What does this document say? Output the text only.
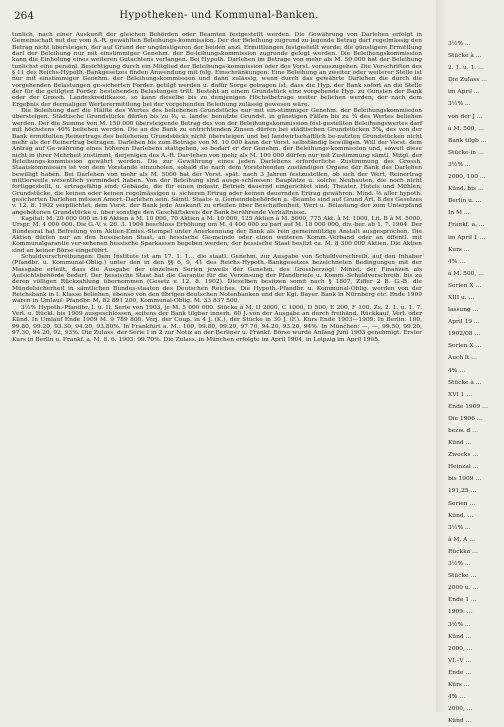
264	Hypotheken- und Kommunal-Banken.

tunlich, nach einer Auskunft der gleichen Behörden oder Beamten festgestellt werden. Die Gewährung von Darlehen erfolgt in Gemeinschaft mit der vom A.-R. gewählten Beleihungs-kommission. Der der Beleihung zugrund zu legende Betrag darf regelmässig den Betrag nicht übersteigen, der auf Grund der ungünstigeren der beiden anzl. Ermittlungen festgestellt wurde; die günstigere Ermittlung darf der Beleihung nur mit einstimmiger Genehm. der Be-leihungskommission zugrunde gelegt werden. Die Beleihungskommission kann die Einholung eines weiteren Gutachtens verlangen. Bei Hypoth. Darlehen im Betrage von mehr als M. 50 000 hat der Beleihung tunlichst eine persönl. Besichtigung durch ein Mitglied der Beleihungs-kommission oder des Vorst. vorauszugehen. Die Vorschriften des § 11 des Reichs-Hypoth.-Bankgesetzes finden Anwendung mit folg. Einschränkungen: Eine Beleihung an zweiter oder weiterer Stelle ist nur mit einstimmiger Genehm. der Beleihungskommission und dann zulässig, wenn durch das gewährte Darlehen die durch die vorgehenden Belastungen ge-sicherten Forder. getilgt werden u. dafür Sorge getragen ist, dass die Hyp. der Bank sofort an die Stelle der für die getilgten Forder. bestehenden Belastungen tritt. Besteht an einem Grundstück eine vorgehende Hyp. zu Gunsten der Bank oder der Grossh. Landeskreditkasse, so kann dieselbe bis zu demjenigen Höchstbetrage weiter beliehen werden, der nach dem Ergebnis der dermaligen Werterermittlung bei der vorgehenden Beleihung zulässig gewesen wäre.

Die Beleihung darf die Hälfte des Wertes des beliehenen Grundstücks nur mit ein-stimmiger Genehm. der Beleihungskommission übersteigen. Städtische Grundstücke dürfen bis zu ⅔, u. landw. benutzte Grundst. in günstigen Fällen bis zu ¾ des Wertes beliehen werden. Der die Summe von M. 150 000 übersteigende Betrag des von der Beleihungskommission fest-gestellten Beleihungswertes darf mit höchstens 40% beliehen werden. Die an die Bank zu entrichtenden Zinsen dürfen bei städtischen Grundstücken 5%, des von der Bank ermittelten Reinertrags des beliehenen Grundstücks nicht übersteigen und bei landwirtschaftlich be-nutzten Grundstücken nicht mehr als der Reinertrag betragen. Darlehen bis zum Betrage von M. 10 000 kann der Vorst. selbständig bewilligen. Will der Vorst. dem Antrag auf Ge-währung eines höheren Darlehens stattgeben, so bedarf er der Genehm. der Beleihungs-kommission und, soweit diese nicht in ihrer Mehrheit zustimmt, derjenigen des A.-R. Dar-lehen von mehr als M. 100 000 dürfen nur mit Zustimmung sämtl. Mitgl. der Beleihungs-kommission gewährt werden. Die zur Gewährung eines jeden Darlehens erforderliche Zustimmung des Grossh. Staatskommissars ist von dem Vorstande einzuholen, sobald die nach dem Vorstehenden zuständigen Organe der Bank das Darlehen bewilligt haben. Bei Darlehen von mehr als M. 5000 hat der Vorst. spät. nach 3 Jahren festzustellen, ob sich der Wert, Reinertrag mittlerweile wesentlich vermindert haben. Von der Beleihung sind ausge-schlossen: Bauplätze u. solche Neubauten, die noch nicht fertiggestellt, u. ertragsfähig sind; Gebäude, die für einen industr. Betrieb dauernd eingerichtet sind; Theater, Hotels und Mühlen; Grundstücke, die keinen oder keinen regelmässigen u. sicheren Ertrag oder keinen dauernden Ertrag gewähren. Mind. ⅔ aller hypoth. gesicherten Darlehen müssen Amort.-Darlehen sein. Sämtl. Staats- u. Gemeindebehörden u. -Beamte sind auf Grund Art. 8 des Gesetzes v. 12. 8. 1902 verpflichtet, dem Vorst. der Bank jede Auskunft zu erteilen über Beschaffenheit, Wert u. Belastung der zum Unterpfand angebotenen Grundstücke u. über sonstige den Geschäftskreis der Bank berührende Verhältnisse.

Kapital: M. 20 000 000 in 16 Aktien à M. 10 000, 70 Aktien à M. 10 000, 125 Aktien à M. 5000, 775 Akt. à M. 1000, Lit. B à M. 5000, Urspr. M. 4 000 000. Die G.-V. v. 26. 3. 1904 beschloss Erhöhung um M. 4 400 000 zu pari auf M. 18 000 000, div.-ber. ab 1. 7. 1904. Der Bundesrat hat Befreiung vom Aktien-Emiss.-Stempel unter Anerkennung der Bank als rein gemeinnützige Anstalt ausgesprochen. Die Aktien dürfen nur an den hessischen Staat, an hessische Ge-meinde oder einen weiteren Komm.-Verband oder an öffentl. mit Kommunalgarantie ver-sehenen hessische Sparkassen begeben werden; der hessische Staat besitzt ca. M. 8 300 000 Aktien. Die Aktien sind an keiner Börse eingeführt.

Schuldverschreibungen: Dem Institute ist am 17. 1. 1… die staatl. Genehm. zur Ausgabe von Schuldverschreib. auf den Inhaber (Pfandbr. u. Kommunal-Oblig.) unter den in den §§ 6, 9, 41 des Reichs-Hypoth.-Bankgesetzes bezeichneten Bedingungen mit der Massgabe erteilt, dass die Ausgabe der einzelnen Serien jeweils der Genehm. des Grossherzogl. Minist. der Finanzen als Aufsichtsbehörde bedarf. Der hessische Staat hat die Garantie für die Verzinsung der Pfandbriefe u. Komm.-Schuldverschreib. bis zu deren völligen Rückzahlung übernommen (Gesetz v. 12. 8. 1902). Dieselben besitzen somit nach § 1807, Ziffer 2 B. G.-B. die Mündelsicherheit in sämtlichen Bundes-staaten des Deutschen Reiches. Die Hypoth.-Pfandbr. u. Kommunal-Oblig. werden von der Reichsbank in I. Klasse beliehen, ebenso von den übrigen deutschen Notenbanken und der Kgl. Bayer. Bank in Nürnberg etc. Ende 1909 waren in Umlauf: Pfandbr. M. 82 891 200, Kommunal-Oblig. M. 33 837 500.

3½% Hypoth.-Pfandbr. I. u. II. Serie von 1903, je M. 5 000 000. Stücke à M. II 2000, C 1000, D 500, E 200, F 100. Zs. 2. 1. u. 1. 7. Verl. u. Rückl. bis 1909 ausgeschlossen, seitens der Bank tilgbar innerh. 60 J. von der Ausgabe an durch freihänd. Rückkauf, Verl. oder Künd. In Umlauf Ende 1909 M. 9 789 800. Verj. der Coup. in 4 J. (K.), der Stücke in 30 J. (F.). Kurs Ende 1903—1909: In Berlin: 100, 99.80, 99.20, 93.30, 94.20, 93.80%. In Frankfurt a. M.: 100, 99.80, 99.20, 97.70, 94.20, 93.20, 94%. In München: —, —, 99.50, 99.20, 97.30, 94.20, 92, 93%. Die Zulass. der Serie I in 2 zur Notiz an der Berliner u. Frankf. Börse wurde Anfang Juni 1903 genehmigt. Erster Kurs in Berlin u. Frankf. a. M. 8. 6. 1903: 99.70%. Die Zulass. in München erfolgte im April 1904, in Leipzig im April 1905.

3½% …
Stücke à …
2. 1. u. 1. …
Die Zulass …
im April …
3½% …
von der J …
à M. 500, …
Bank tilgb …
Stücke in …
3½% …
2000, 100 …
Künd. bis …
Berlin u. …
In M …
Frankf. a. …
im April 1 …
Kurs …
4% …
à M. 500, …
Serien X …
XIII u. …
lassung …
April 19 …
1902/08 …
Serien X …
Auch lt …
4% …
Stücke à …
XVI 1 …
Ende 1909 …
Die 1906 …
bezw. d …
Künd …
Zwecks …
Heinzal …
bis 1909 …
191,25 …
Serien …
Künd. …
3½% …
à M. A …
Rückka …
3½% …
Stücke …
2000 u. …
Ende 1 …
1909: …
3½% …
Künd …
2000, …
VI.–V …
Ende …
Kurs …
4% …
2000, …
Künd …
